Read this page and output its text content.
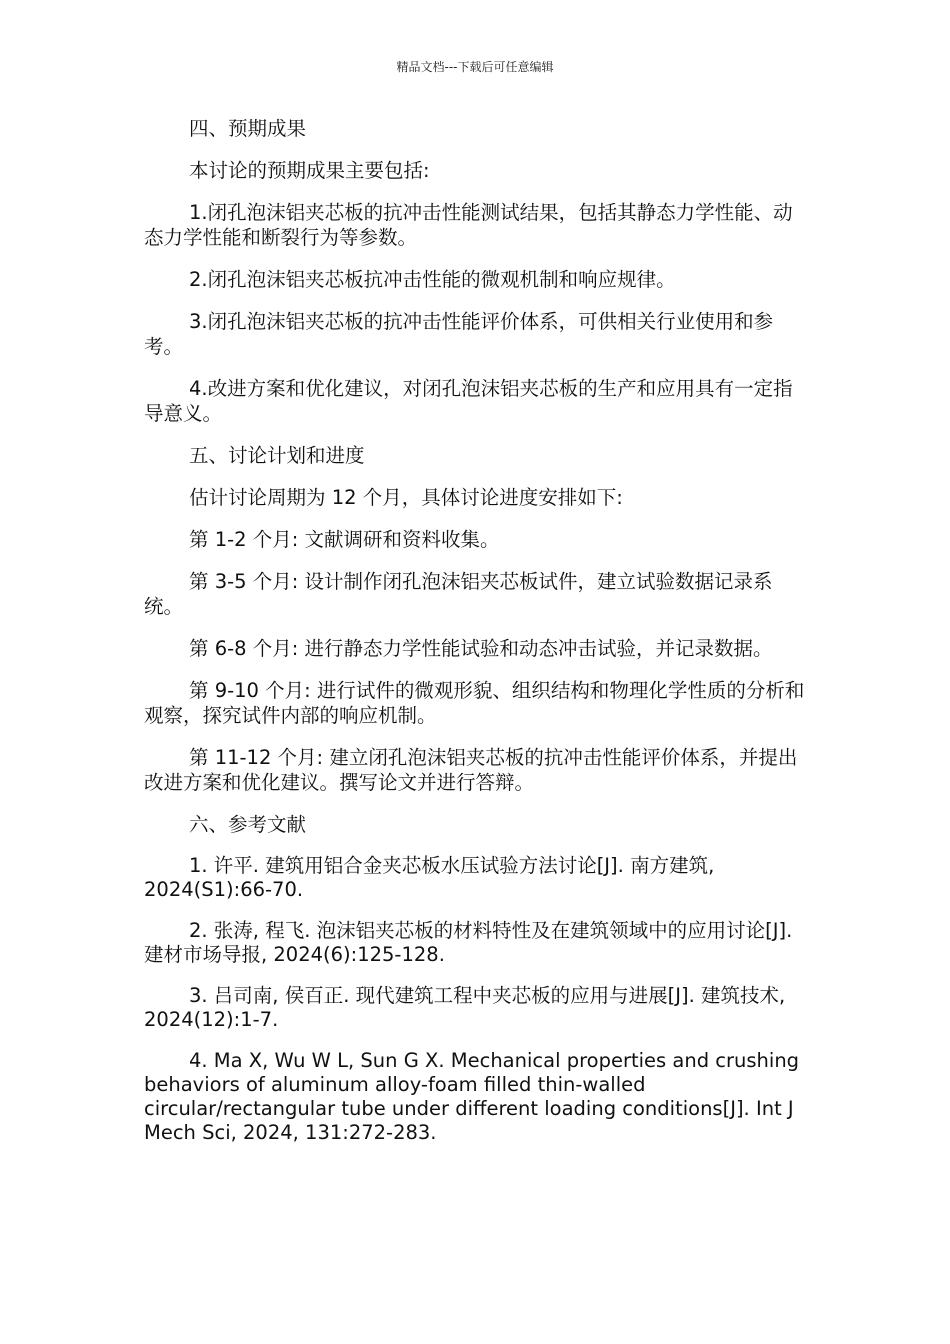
精品文档---下载后可任意编辑

四、预期成果

本讨论的预期成果主要包括:

1.闭孔泡沫铝夹芯板的抗冲击性能测试结果，包括其静态力学性能、动态力学性能和断裂行为等参数。

2.闭孔泡沫铝夹芯板抗冲击性能的微观机制和响应规律。

3.闭孔泡沫铝夹芯板的抗冲击性能评价体系，可供相关行业使用和参考。

4.改进方案和优化建议，对闭孔泡沫铝夹芯板的生产和应用具有一定指导意义。

五、讨论计划和进度

估计讨论周期为 12 个月，具体讨论进度安排如下:

第 1-2 个月: 文献调研和资料收集。

第 3-5 个月: 设计制作闭孔泡沫铝夹芯板试件，建立试验数据记录系统。

第 6-8 个月: 进行静态力学性能试验和动态冲击试验，并记录数据。

第 9-10 个月: 进行试件的微观形貌、组织结构和物理化学性质的分析和观察，探究试件内部的响应机制。

第 11-12 个月: 建立闭孔泡沫铝夹芯板的抗冲击性能评价体系，并提出改进方案和优化建议。撰写论文并进行答辩。

六、参考文献

1. 许平. 建筑用铝合金夹芯板水压试验方法讨论[J]. 南方建筑, 2024(S1):66-70.

2. 张涛, 程飞. 泡沫铝夹芯板的材料特性及在建筑领域中的应用讨论[J]. 建材市场导报, 2024(6):125-128.

3. 吕司南, 侯百正. 现代建筑工程中夹芯板的应用与进展[J]. 建筑技术, 2024(12):1-7.

4. Ma X, Wu W L, Sun G X. Mechanical properties and crushing behaviors of aluminum alloy-foam filled thin-walled circular/rectangular tube under different loading conditions[J]. Int J Mech Sci, 2024, 131:272-283.
